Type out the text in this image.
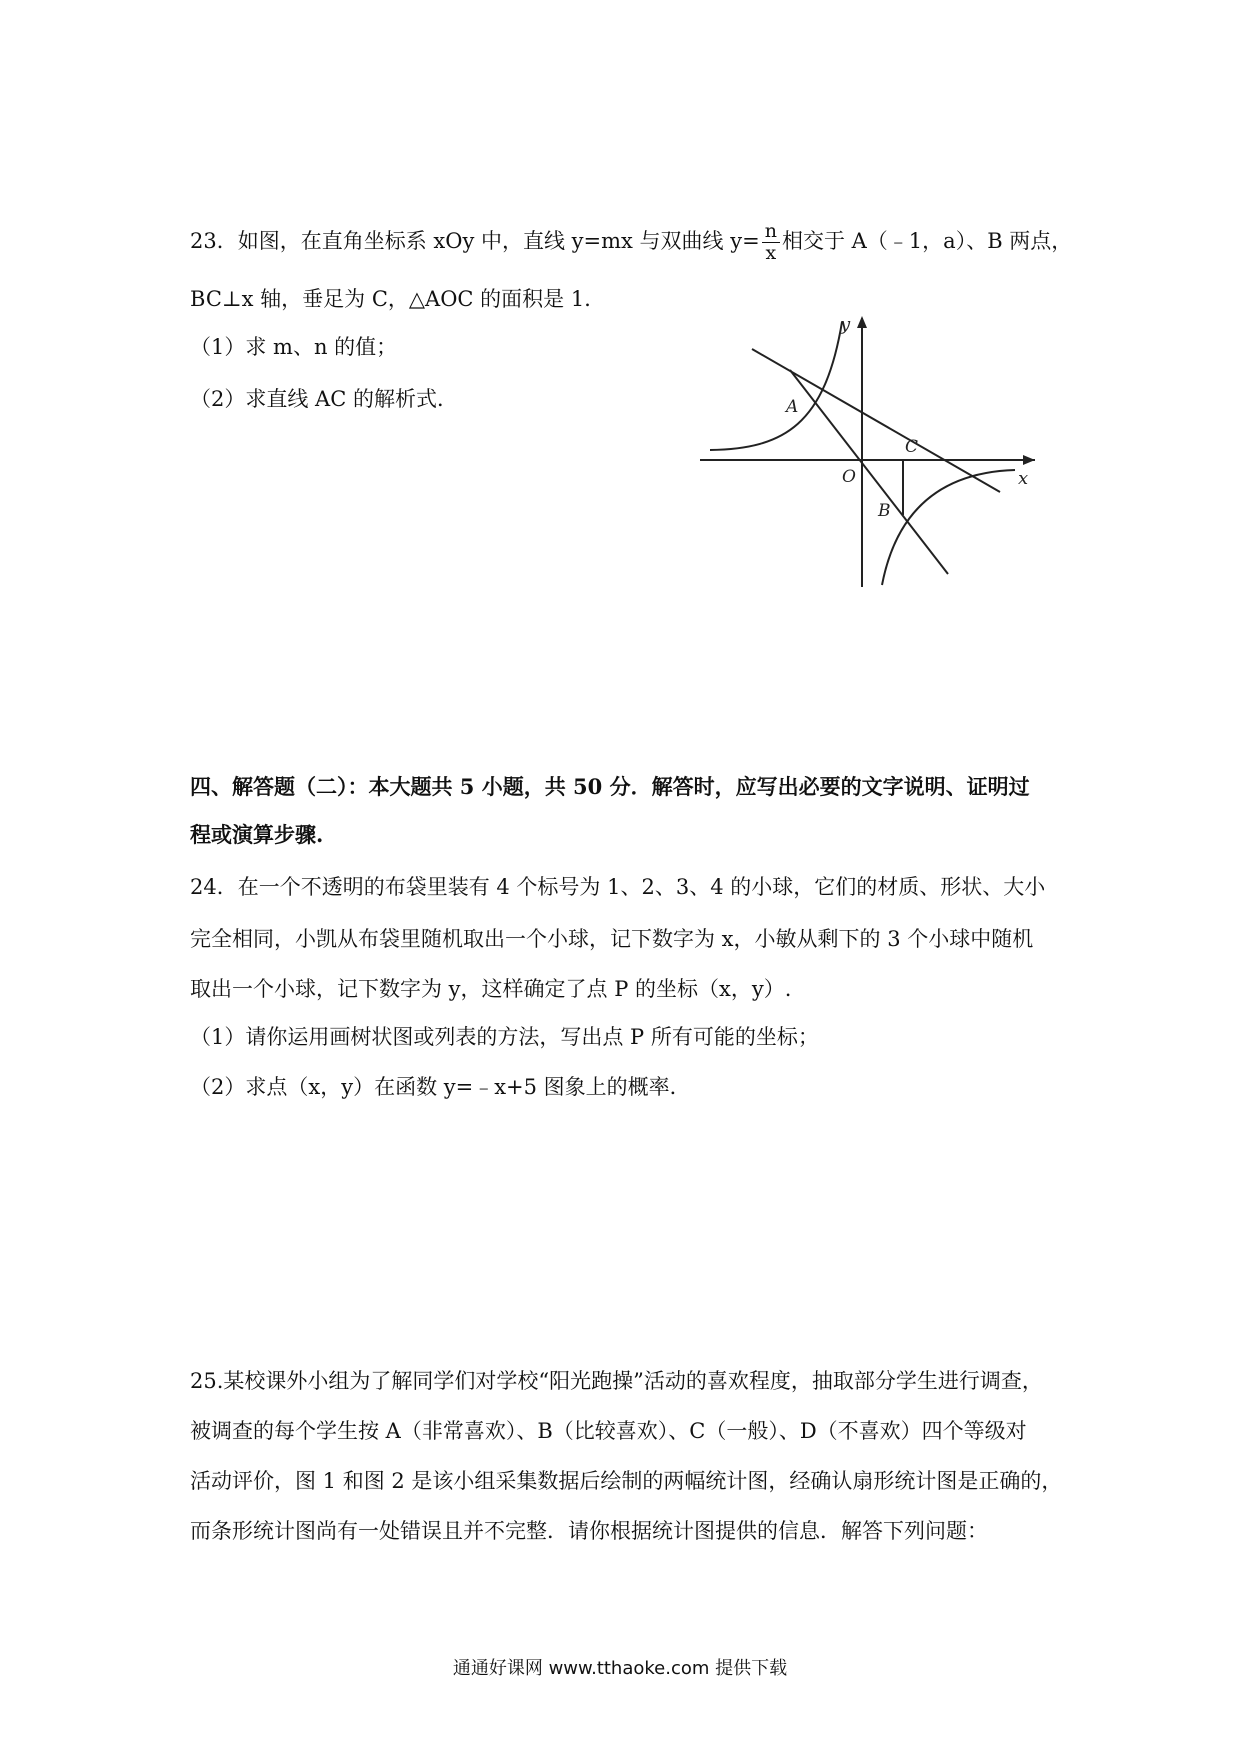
23．如图，在直角坐标系 xOy 中，直线 y=mx 与双曲线 $y= \frac{n}{x}$ 相交于 A（﹣1，a）、B 两点，
BC⊥x 轴，垂足为 C，△AOC 的面积是 1．
（1）求 m、n 的值；
（2）求直线 AC 的解析式．
y
x
O
A
B
C
四、解答题（二）：本大题共 5 小题，共 50 分．解答时，应写出必要的文字说明、证明过
程或演算步骤.
24．在一个不透明的布袋里装有 4 个标号为 1、2、3、4 的小球，它们的材质、形状、大小
完全相同，小凯从布袋里随机取出一个小球，记下数字为 x，小敏从剩下的 3 个小球中随机
取出一个小球，记下数字为 y，这样确定了点 P 的坐标（x，y）.
（1）请你运用画树状图或列表的方法，写出点 P 所有可能的坐标；
（2）求点（x，y）在函数 y=﹣x+5 图象上的概率．
25.某校课外小组为了解同学们对学校“阳光跑操”活动的喜欢程度，抽取部分学生进行调查，
被调查的每个学生按 A（非常喜欢）、B（比较喜欢）、C（一般）、D（不喜欢）四个等级对
活动评价，图 1 和图 2 是该小组采集数据后绘制的两幅统计图，经确认扇形统计图是正确的，
而条形统计图尚有一处错误且并不完整．请你根据统计图提供的信息．解答下列问题：
通通好课网 www.tthaoke.com 提供下载
